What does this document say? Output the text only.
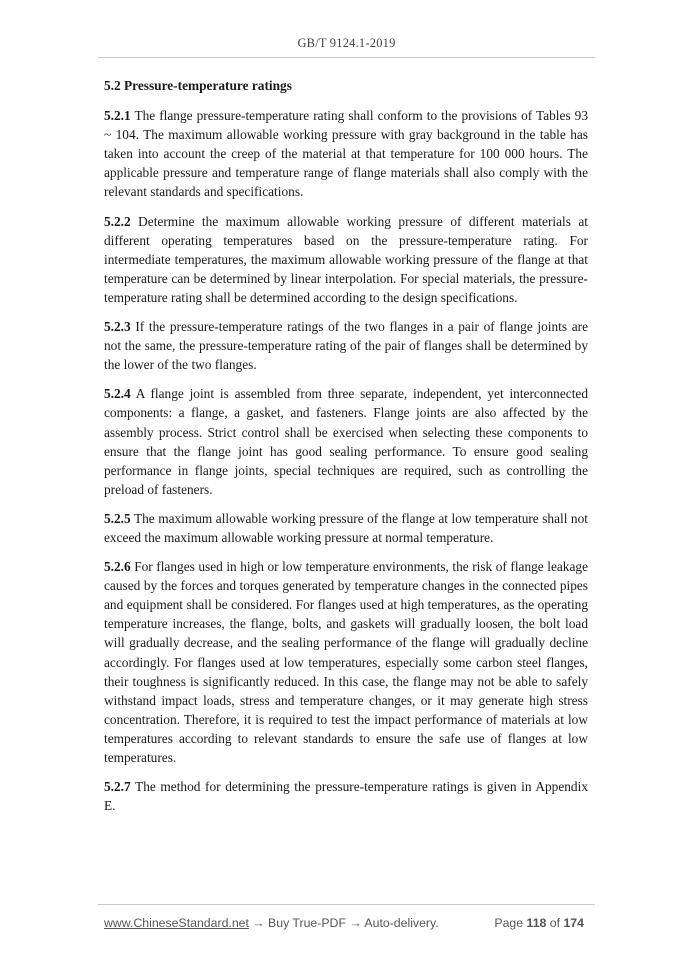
GB/T 9124.1-2019
5.2 Pressure-temperature ratings

5.2.1 The flange pressure-temperature rating shall conform to the provisions of Tables 93 ~ 104. The maximum allowable working pressure with gray background in the table has taken into account the creep of the material at that temperature for 100 000 hours. The applicable pressure and temperature range of flange materials shall also comply with the relevant standards and specifications.

5.2.2 Determine the maximum allowable working pressure of different materials at different operating temperatures based on the pressure-temperature rating. For intermediate temperatures, the maximum allowable working pressure of the flange at that temperature can be determined by linear interpolation. For special materials, the pressure-temperature rating shall be determined according to the design specifications.

5.2.3 If the pressure-temperature ratings of the two flanges in a pair of flange joints are not the same, the pressure-temperature rating of the pair of flanges shall be determined by the lower of the two flanges.

5.2.4 A flange joint is assembled from three separate, independent, yet interconnected components: a flange, a gasket, and fasteners. Flange joints are also affected by the assembly process. Strict control shall be exercised when selecting these components to ensure that the flange joint has good sealing performance. To ensure good sealing performance in flange joints, special techniques are required, such as controlling the preload of fasteners.

5.2.5 The maximum allowable working pressure of the flange at low temperature shall not exceed the maximum allowable working pressure at normal temperature.

5.2.6 For flanges used in high or low temperature environments, the risk of flange leakage caused by the forces and torques generated by temperature changes in the connected pipes and equipment shall be considered. For flanges used at high temperatures, as the operating temperature increases, the flange, bolts, and gaskets will gradually loosen, the bolt load will gradually decrease, and the sealing performance of the flange will gradually decline accordingly. For flanges used at low temperatures, especially some carbon steel flanges, their toughness is significantly reduced. In this case, the flange may not be able to safely withstand impact loads, stress and temperature changes, or it may generate high stress concentration. Therefore, it is required to test the impact performance of materials at low temperatures according to relevant standards to ensure the safe use of flanges at low temperatures.

5.2.7 The method for determining the pressure-temperature ratings is given in Appendix E.

www.ChineseStandard.net → Buy True-PDF → Auto-delivery.	Page 118 of 174
